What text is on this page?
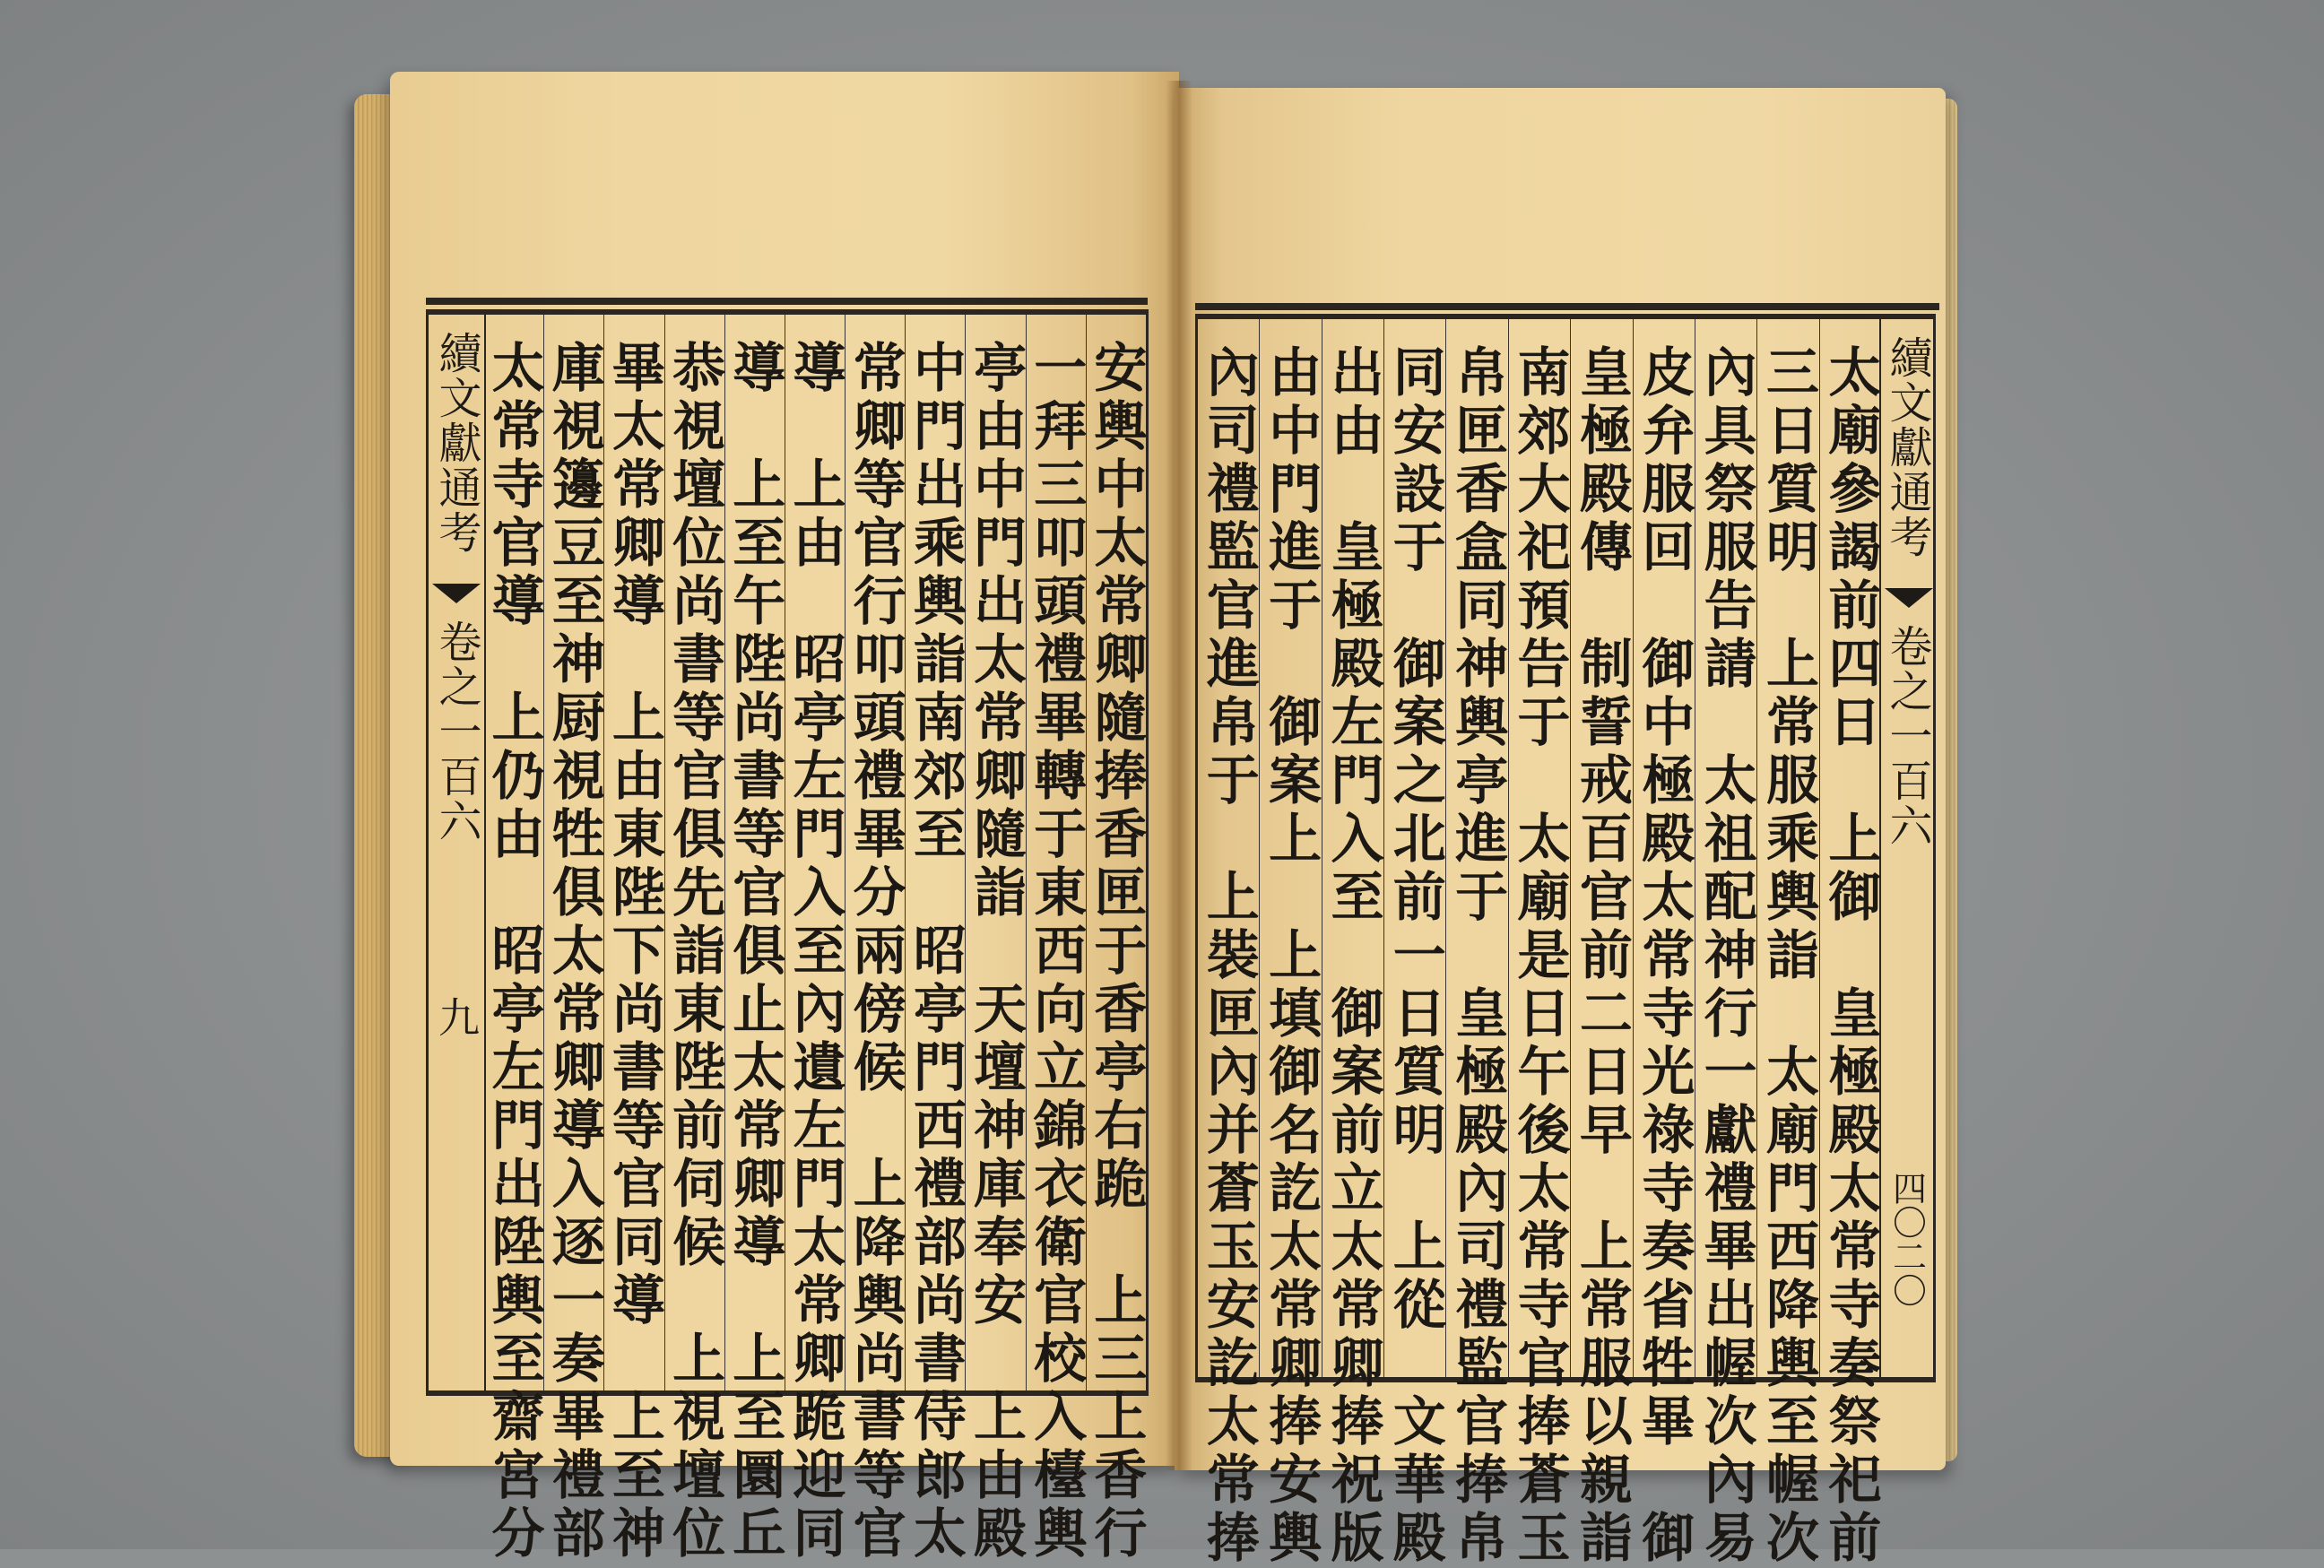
續文獻通考
卷之一百六
九	安輿中太常卿隨捧香匣于香亭右跪　上三上香行
一拜三叩頭禮畢轉于東西向立錦衣衛官校入檯輿
亭由中門出太常卿隨詣　天壇神庫奉安　上由殿
中門出乘輿詣南郊至　昭亭門西禮部尚書侍郎太
常卿等官行叩頭禮畢分兩傍候　上降輿尚書等官
導　上由　昭亭左門入至內遺左門太常卿跪迎同
導　上至午陛尚書等官俱止太常卿導　上至圜丘
恭視壇位尚書等官俱先詣東陛前伺候　上視壇位
畢太常卿導　上由東陛下尚書等官同導　上至神
庫視籩豆至神厨視牲俱太常卿導入逐一奏畢禮部
太常寺官導　上仍由　昭亭左門出陞輿至齋宮分	太廟參謁前四日　上御　皇極殿太常寺奏祭祀前
三日質明　上常服乘輿詣　太廟門西降輿至幄次
內具祭服告請　太祖配神行一獻禮畢出幄次內易
皮弁服回　御中極殿太常寺光祿寺奏省牲畢　御
皇極殿傳　制誓戒百官前二日早　上常服以親詣
南郊大祀預告于　太廟是日午後太常寺官捧蒼玉
帛匣香盒同神輿亭進于　皇極殿內司禮監官捧帛
同安設于　御案之北前一日質明　上從　文華殿
出由　皇極殿左門入至　御案前立太常卿捧祝版
由中門進于　御案上　上填御名訖太常卿捧安輿
內司禮監官進帛于　上裝匣內并蒼玉安訖太常捧	續文獻通考
卷之一百六
四〇二〇
